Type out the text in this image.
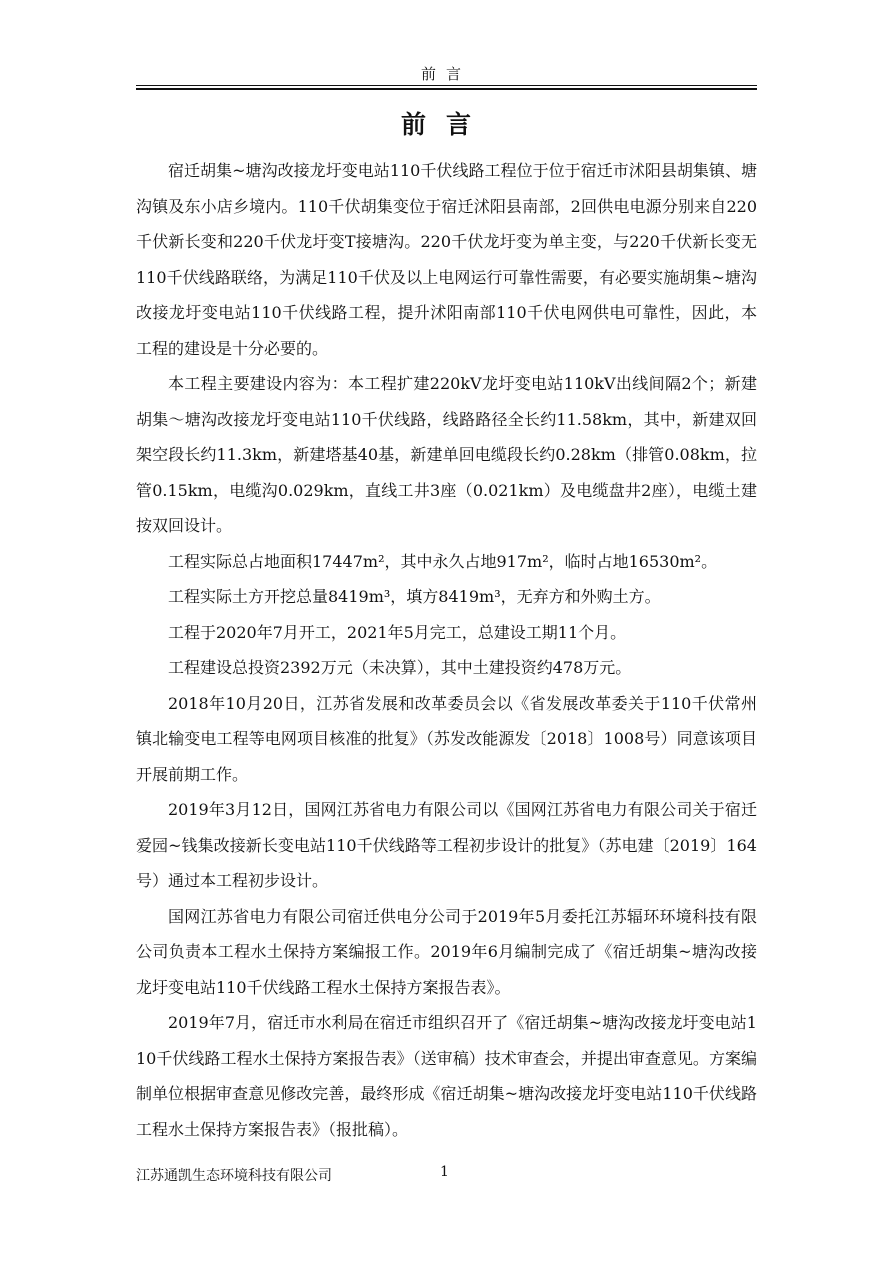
前言
前言

宿迁胡集~塘沟改接龙圩变电站110千伏线路工程位于位于宿迁市沭阳县胡集镇、塘沟镇及东小店乡境内。110千伏胡集变位于宿迁沭阳县南部，2回供电电源分别来自220千伏新长变和220千伏龙圩变T接塘沟。220千伏龙圩变为单主变，与220千伏新长变无110千伏线路联络，为满足110千伏及以上电网运行可靠性需要，有必要实施胡集~塘沟改接龙圩变电站110千伏线路工程，提升沭阳南部110千伏电网供电可靠性，因此，本工程的建设是十分必要的。

本工程主要建设内容为：本工程扩建220kV龙圩变电站110kV出线间隔2个；新建胡集～塘沟改接龙圩变电站110千伏线路，线路路径全长约11.58km，其中，新建双回架空段长约11.3km，新建塔基40基，新建单回电缆段长约0.28km（排管0.08km，拉管0.15km，电缆沟0.029km，直线工井3座（0.021km）及电缆盘井2座），电缆土建按双回设计。

工程实际总占地面积17447m²，其中永久占地917m²，临时占地16530m²。

工程实际土方开挖总量8419m³，填方8419m³，无弃方和外购土方。

工程于2020年7月开工，2021年5月完工，总建设工期11个月。

工程建设总投资2392万元（未决算），其中土建投资约478万元。

2018年10月20日，江苏省发展和改革委员会以《省发展改革委关于110千伏常州镇北输变电工程等电网项目核准的批复》（苏发改能源发〔2018〕1008号）同意该项目开展前期工作。

2019年3月12日，国网江苏省电力有限公司以《国网江苏省电力有限公司关于宿迁爱园~钱集改接新长变电站110千伏线路等工程初步设计的批复》（苏电建〔2019〕164号）通过本工程初步设计。

国网江苏省电力有限公司宿迁供电分公司于2019年5月委托江苏辐环环境科技有限公司负责本工程水土保持方案编报工作。2019年6月编制完成了《宿迁胡集~塘沟改接龙圩变电站110千伏线路工程水土保持方案报告表》。

2019年7月，宿迁市水利局在宿迁市组织召开了《宿迁胡集~塘沟改接龙圩变电站110千伏线路工程水土保持方案报告表》（送审稿）技术审查会，并提出审查意见。方案编制单位根据审查意见修改完善，最终形成《宿迁胡集~塘沟改接龙圩变电站110千伏线路工程水土保持方案报告表》（报批稿）。

江苏通凯生态环境科技有限公司	1
